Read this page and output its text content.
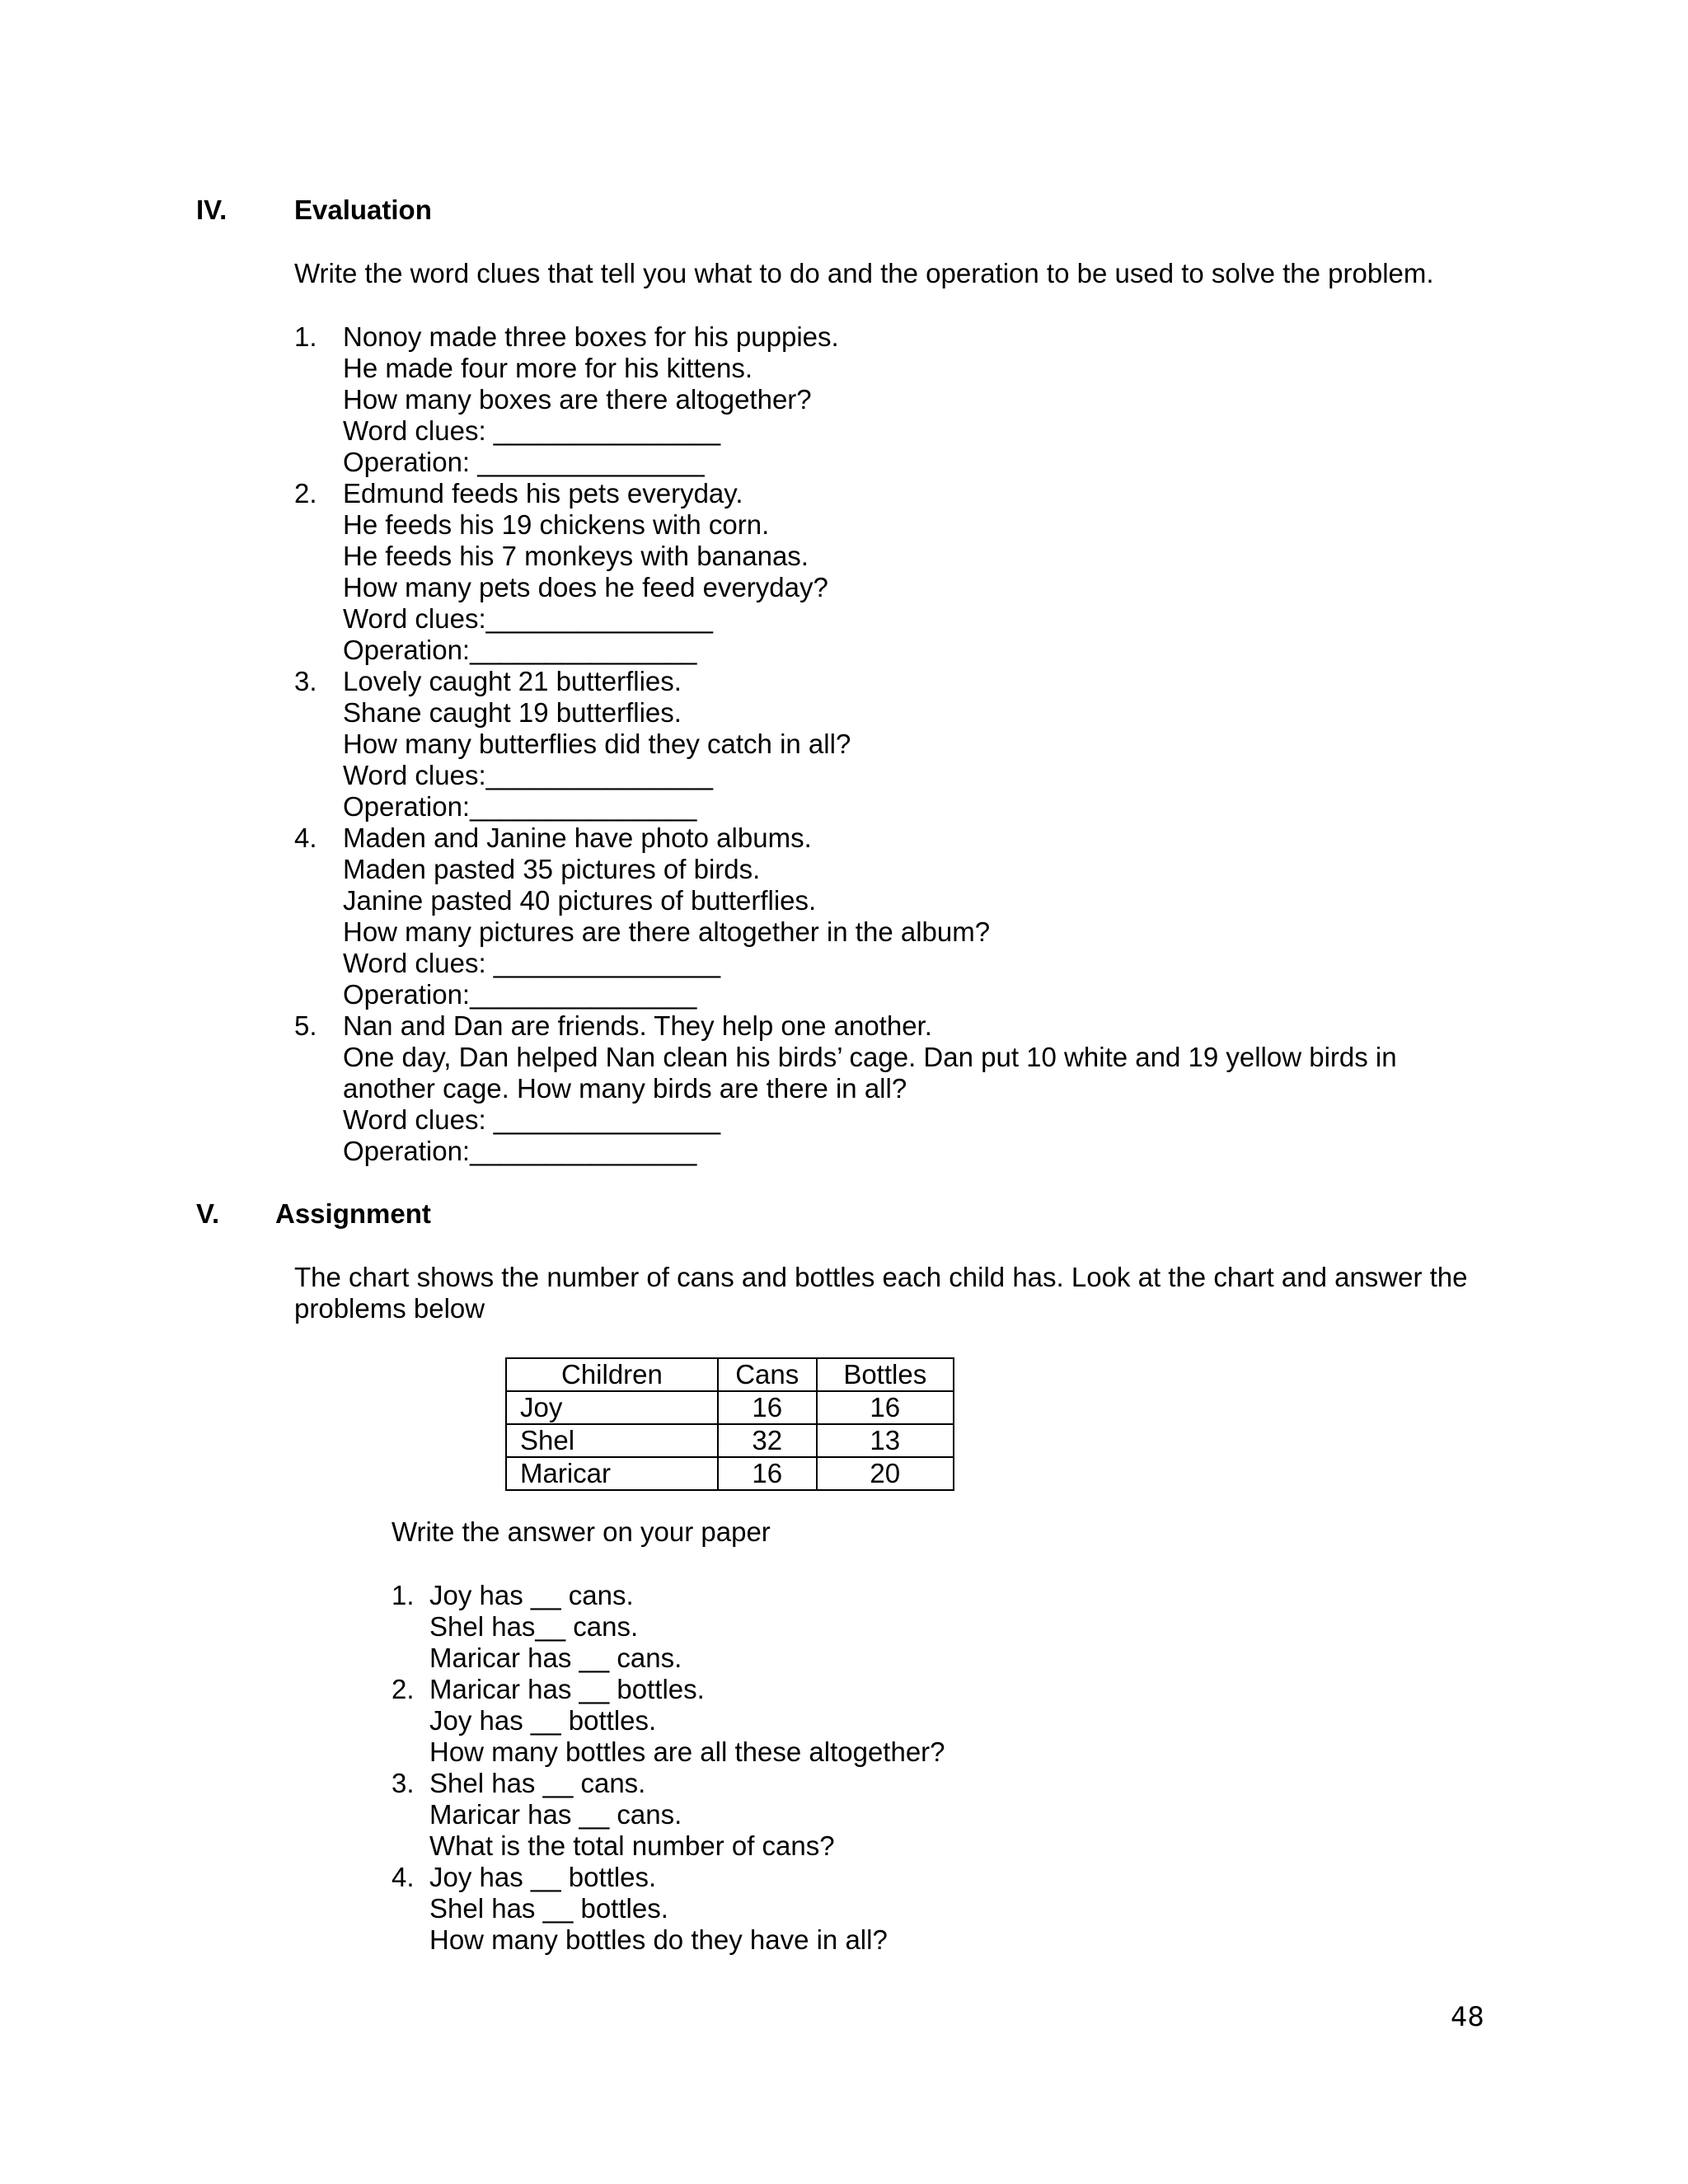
IV. Evaluation
Write the word clues that tell you what to do and the operation to be used to solve the problem.
1. Nonoy made three boxes for his puppies.
He made four more for his kittens.
How many boxes are there altogether?
Word clues: _______________
Operation: _______________
2. Edmund feeds his pets everyday.
He feeds his 19 chickens with corn.
He feeds his 7 monkeys with bananas.
How many pets does he feed everyday?
Word clues:_______________
Operation:_______________
3. Lovely caught 21 butterflies.
Shane caught 19 butterflies.
How many butterflies did they catch in all?
Word clues:_______________
Operation:_______________
4. Maden and Janine have photo albums.
Maden pasted 35 pictures of birds.
Janine pasted 40 pictures of butterflies.
How many pictures are there altogether in the album?
Word clues: _______________
Operation:_______________
5. Nan and Dan are friends. They help one another.
One day, Dan helped Nan clean his birds’ cage. Dan put 10 white and 19 yellow birds in
another cage. How many birds are there in all?
Word clues: _______________
Operation:_______________
V. Assignment
The chart shows the number of cans and bottles each child has. Look at the chart and answer the
problems below
Children	Cans	Bottles
Joy	16	16
Shel	32	13
Maricar	16	20
Write the answer on your paper
1. Joy has __ cans.
Shel has__ cans.
Maricar has __ cans.
2. Maricar has __ bottles.
Joy has __ bottles.
How many bottles are all these altogether?
3. Shel has __ cans.
Maricar has __ cans.
What is the total number of cans?
4. Joy has __ bottles.
Shel has __ bottles.
How many bottles do they have in all?
48
